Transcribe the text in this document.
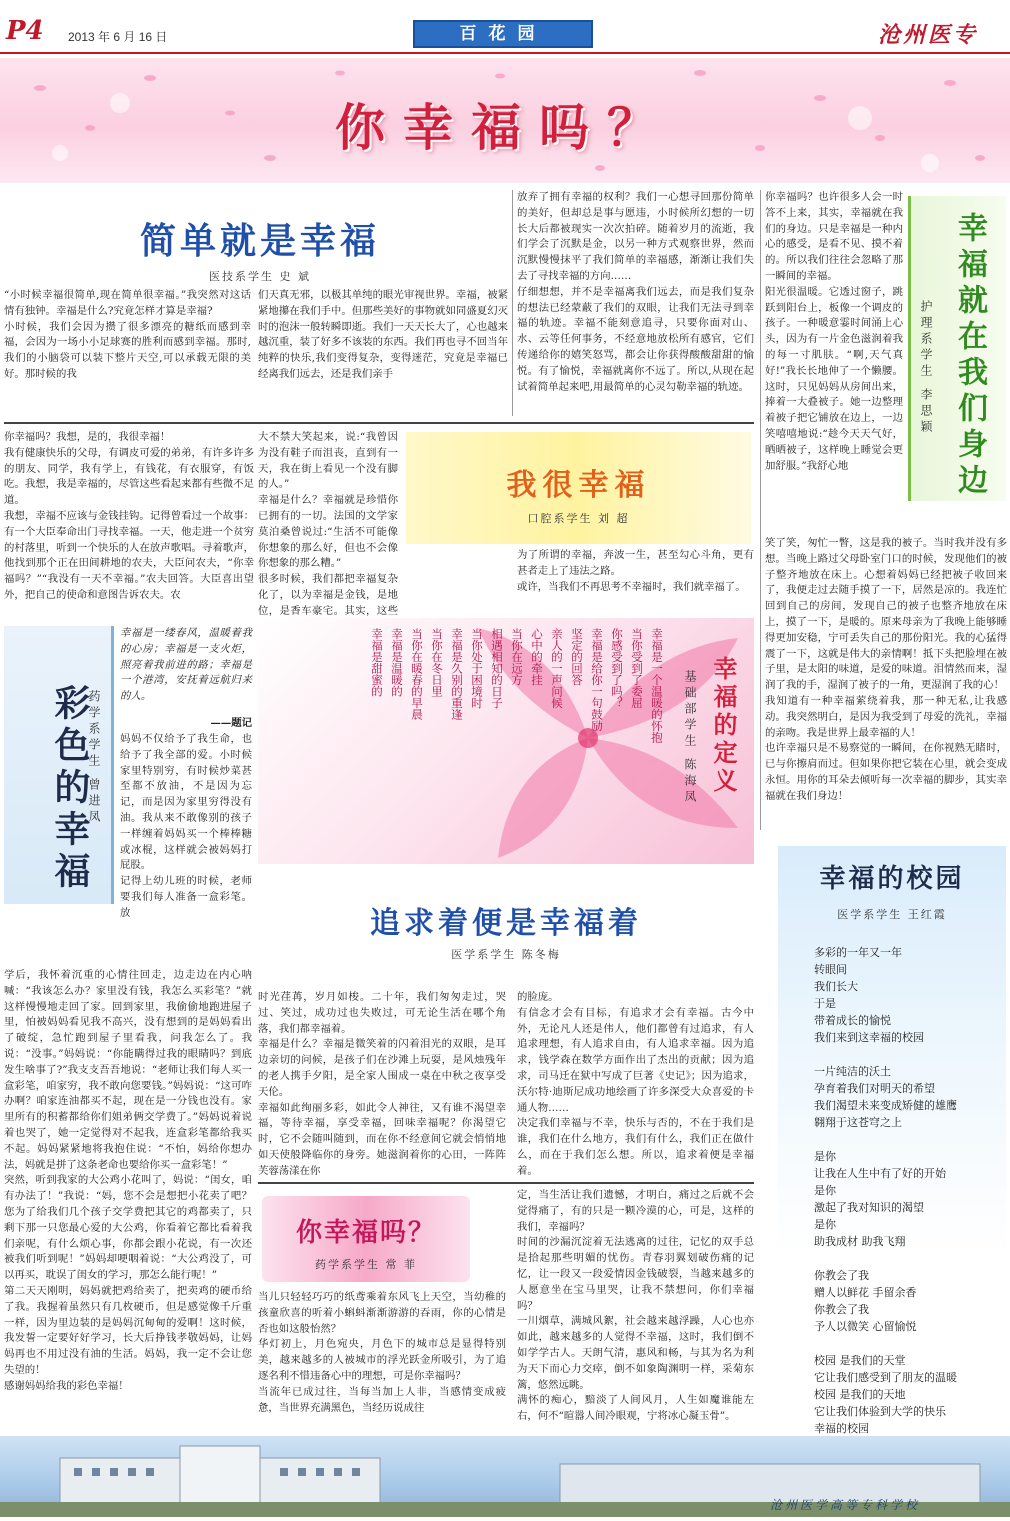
P4 2013 年 6 月 16 日	百花园	沧州医专
你幸福吗？
简单就是幸福
医技系学生 史 斌
“小时候幸福很简单,现在简单很幸福。”我突然对这话情有独钟。幸福是什么?究竟怎样才算是幸福?
小时候，我们会因为攒了很多漂亮的糖纸而感到幸福，会因为一场小小足球赛的胜利而感到幸福。那时,我们的小脑袋可以装下整片天空,可以承载无限的美好。那时候的我
们天真无邪，以极其单纯的眼光审视世界。幸福，被紧紧地攥在我们手中。但那些美好的事物就如同盛夏幻灭时的泡沫一般转瞬即逝。我们一天天长大了，心也越来越沉重，装了好多不该装的东西。我们再也寻不回当年纯粹的快乐,我们变得复杂，变得迷茫，究竟是幸福已经离我们远去，还是我们亲手
放弃了拥有幸福的权利？我们一心想寻回那份简单的美好，但却总是事与愿违，小时候所幻想的一切长大后都被现实一次次拍碎。随着岁月的流逝，我们学会了沉默是金，以另一种方式观察世界，然而沉默慢慢抹平了我们简单的幸福感，渐渐让我们失去了寻找幸福的方向……
仔细想想，并不是幸福离我们远去，而是我们复杂的想法已经蒙蔽了我们的双眼，让我们无法寻到幸福的轨迹。幸福不能刻意追寻，只要你面对山、水、云等任何事务，不经意地放松所有感官，它们传递给你的嬉笑怒骂，都会让你获得酸酸甜甜的愉悦。有了愉悦，幸福就离你不远了。所以,从现在起试着简单起来吧,用最简单的心灵勾勒幸福的轨迹。	幸福就在我们身边
护理系学生 李思颖
你幸福吗？也许很多人会一时答不上来，其实，幸福就在我们的身边。只是幸福是一种内心的感受，是看不见、摸不着的。所以我们往往会忽略了那一瞬间的幸福。
阳光很温暖。它透过窗子，跳跃到阳台上，板像一个调皮的孩子。一种暖意霎时间涌上心头，因为有一片金色滋润着我的每一寸肌肤。“啊,天气真好!”我长长地伸了一个懒腰。这时，只见妈妈从房间出来，捧着一大叠被子。她一边整理着被子把它铺放在边上，一边笑嘻嘻地说:“趁今天天气好，晒晒被子，这样晚上睡觉会更加舒服。”我舒心地
笑了笑，匆忙一瞥，这是我的被子。当时我并没有多想。当晚上路过父母卧室门口的时候，发现他们的被子整齐地放在床上。心想着妈妈已经把被子收回来了，我便走过去随手摸了一下，居然是凉的。我连忙回到自己的房间，发现自己的被子也整齐地放在床上，摸了一下，是暖的。原来母亲为了我晚上能够睡得更加安稳，宁可丢失自己的那份阳光。我的心猛得震了一下，这就是伟大的亲情啊！抵下头把脸埋在被子里，是太阳的味道，是爱的味道。泪情然而来，湿润了我的手，湿润了被子的一角，更湿润了我的心！
我知道有一种幸福萦绕着我，那一种无私,让我感动。我突然明白，是因为我受到了母爱的洗礼，幸福的亲吻。我是世界上最幸福的人！
也许幸福只是不易察觉的一瞬间，在你视熟无睹时，已与你擦肩而过。但如果你把它装在心里，就会变成永恒。用你的耳朵去倾听每一次幸福的脚步，其实幸福就在我们身边！
我很幸福
口腔系学生 刘 超
你幸福吗？我想，是的，我很幸福！
我有健康快乐的父母，有调皮可爱的弟弟，有许多许多的朋友、同学，我有学上，有钱花，有衣服穿，有饭吃。我想，我是幸福的，尽管这些看起来都有些微不足道。
我想，幸福不应该与金钱挂钩。记得曾看过一个故事：有一个大臣奉命出门寻找幸福。一天，他走进一个贫穷的村落里，听到一个快乐的人在放声歌唱。寻着歌声，他找到那个正在田间耕地的农夫，大臣问农夫，“你幸福吗？”“我没有一天不幸福。”农夫回答。大臣喜出望外，把自己的使命和意图告诉农夫。农
大不禁大笑起来，说:“我曾因为没有鞋子而沮丧，直到有一天，我在街上看见一个没有脚的人。”
幸福是什么？幸福就是珍惜你已拥有的一切。法国的文学家莫泊桑曾说过:“生活不可能像你想象的那么好，但也不会像你想象的那么糟。”
很多时候，我们都把幸福复杂化了，以为幸福是金钱，是地位，是香车豪宅。其实，这些
为了所谓的幸福，奔波一生，甚至勾心斗角，更有甚者走上了违法之路。
或许，当我们不再思考不幸福时，我们就幸福了。
幸福的定义
基础部学生 陈海凤
幸福是一个温暖的怀抱
当你受到了委屈
你感受到了吗？
幸福是给你一句鼓励
坚定的回答
亲人的一声问候
心中的牵挂
当你在远方
相遇相知的日子
当你处于困境时
幸福是久别的重逢
当你在冬日里
当你在暖春的早晨
幸福是温暖的
幸福是甜蜜的
彩色的幸福
药学系学生 曾进凤
幸福是一缕春风，温暖着我的心房；幸福是一支火炬，照亮着我前进的路；幸福是一个港湾，安抚着远航归来的人。
——题记
妈妈不仅给予了我生命，也给予了我全部的爱。小时候家里特别穷，有时候炒菜甚至都不放油，不是因为忘记，而是因为家里穷得没有油。我从来不敢像别的孩子一样缠着妈妈买一个棒棒糖或冰棍，这样就会被妈妈打屁股。
记得上幼儿班的时候，老师要我们每人准备一盒彩笔。放
学后，我怀着沉重的心情往回走，边走边在内心呐喊：“我该怎么办？家里没有钱，我怎么买彩笔？”就这样慢慢地走回了家。回到家里，我偷偷地跑进屋子里，怕被妈妈看见我不高兴，没有想到的是妈妈看出了破绽，急忙跑到屋子里看我，问我怎么了。我说：“没事。”妈妈说：“你能瞒得过我的眼睛吗？到底发生啥事了?”我支支吾吾地说：“老师让我们每人买一盒彩笔，咱家穷，我不敢向您要钱。”妈妈说：“这可咋办啊？咱家连油都买不起，现在是一分钱也没有。家里所有的积蓄都给你们姐弟俩交学费了。”妈妈说着说着也哭了，她一定觉得对不起我，连盒彩笔都给我买不起。妈妈紧紧地将我抱住说：“不怕，妈给你想办法，妈就是拼了这条老命也要给你买一盒彩笔！”
突然，听到我家的大公鸡小花叫了，妈说：“闺女，咱有办法了！”我说：“妈，您不会是想把小花卖了吧？您为了给我们几个孩子交学费把其它的鸡都卖了，只剩下那一只您最心爱的大公鸡，你看着它都比看着我们亲呢，有什么烦心事，你都会跟小花说，有一次还被我们听到呢！”妈妈却哽咽着说：“大公鸡没了，可以再买，耽误了闺女的学习，那怎么能行呢！”
第二天天刚明，妈妈就把鸡给卖了，把卖鸡的硬币给了我。我握着虽然只有几枚硬币，但是感觉像千斤重一样，因为里边装的是妈妈沉甸甸的爱啊！这时候，我发誓一定要好好学习，长大后挣钱孝敬妈妈，让妈妈再也不用过没有油的生活。妈妈，我一定不会让您失望的！
感谢妈妈给我的彩色幸福！
追求着便是幸福着
医学系学生 陈冬梅
时光荏苒，岁月如梭。二十年，我们匆匆走过，哭过、笑过，成功过也失败过，可无论生活在哪个角落，我们都幸福着。
幸福是什么？幸福是微笑着的闪着泪光的双眼，是耳边亲切的问候，是孩子们在沙滩上玩耍，是风烛残年的老人携手夕阳，是全家人围成一桌在中秋之夜享受天伦。
幸福如此绚丽多彩，如此令人神往，又有谁不渴望幸福，等待幸福，享受幸福，回味幸福呢？你渴望它时，它不会随叫随到，而在你不经意间它就会悄悄地如天使般降临你的身旁。她滋润着你的心田，一阵阵芙蓉荡漾在你
的脸庞。
有信念才会有目标，有追求才会有幸福。古今中外，无论凡人还是伟人，他们都曾有过追求，有人追求理想，有人追求自由，有人追求幸福。因为追求，钱学森在数学方面作出了杰出的贡献；因为追求，司马迁在狱中写成了巨著《史记》；因为追求，沃尔特·迪斯尼成功地绘画了许多深受大众喜爱的卡通人物……
决定我们幸福与不幸，快乐与否的，不在于我们是谁，我们在什么地方，我们有什么，我们正在做什么，而在于我们怎么想。所以，追求着便是幸福着。
你幸福吗？
药学系学生 常 菲
当儿只轻轻巧巧的纸鸢乘着东风飞上天空，当幼稚的孩童欣喜的听着小蝌蚪渐渐游游的吞雨，你的心情是否也如这般怡然？
华灯初上，月色宛央，月色下的城市总是显得特别美，越来越多的人被城市的浮光跃金所吸引，为了追逐名利不惜违备心中的理想，可是你幸福吗？
当流年已成过往，当每当加上人非，当感情变成疲惫，当世界充满黑色，当经历说成往
定，当生活让我们遗憾，才明白，痛过之后就不会觉得痛了，有的只是一颗冷漠的心，可是，这样的我们，幸福吗？
时间的沙漏沉淀着无法逃离的过往，记忆的双手总是拾起那些明媚的忧伤。青春羽翼划破伤痛的记忆，让一段又一段爱情因金钱破裂，当越来越多的人愿意坐在宝马里哭，让我不禁想问，你们幸福吗？
一川烟草，满城风絮，社会越来越浮躁，人心也亦如此，越来越多的人觉得不幸福，这时，我们倒不如学学古人。天朗气清，惠风和畅，与其为名为利为天下而心力交瘁，倒不如象陶渊明一样，采菊东篱，悠然远眺。
满怀的痴心，黯淡了人间风月，人生如魔谁能左右，何不“暄嚣人间冷眼观，宁将冰心凝玉骨”。
幸福的校园
医学系学生 王红霞
多彩的一年又一年
转眼间
我们长大
于是
带着成长的愉悦
我们来到这幸福的校园

一片纯洁的沃土
孕育着我们对明天的希望
我们渴望未来变成矫健的雄鹰
翱翔于这苍穹之上

是你
让我在人生中有了好的开始
是你
激起了我对知识的渴望
是你
助我成材 助我飞翔

你教会了我
赠人以鲜花 手留余香
你教会了我
予人以微笑 心留愉悦

校园 是我们的天堂
它让我们感受到了朋友的温暖
校园 是我们的天地
它让我们体验到大学的快乐
幸福的校园

沧州医学高等专科学校
